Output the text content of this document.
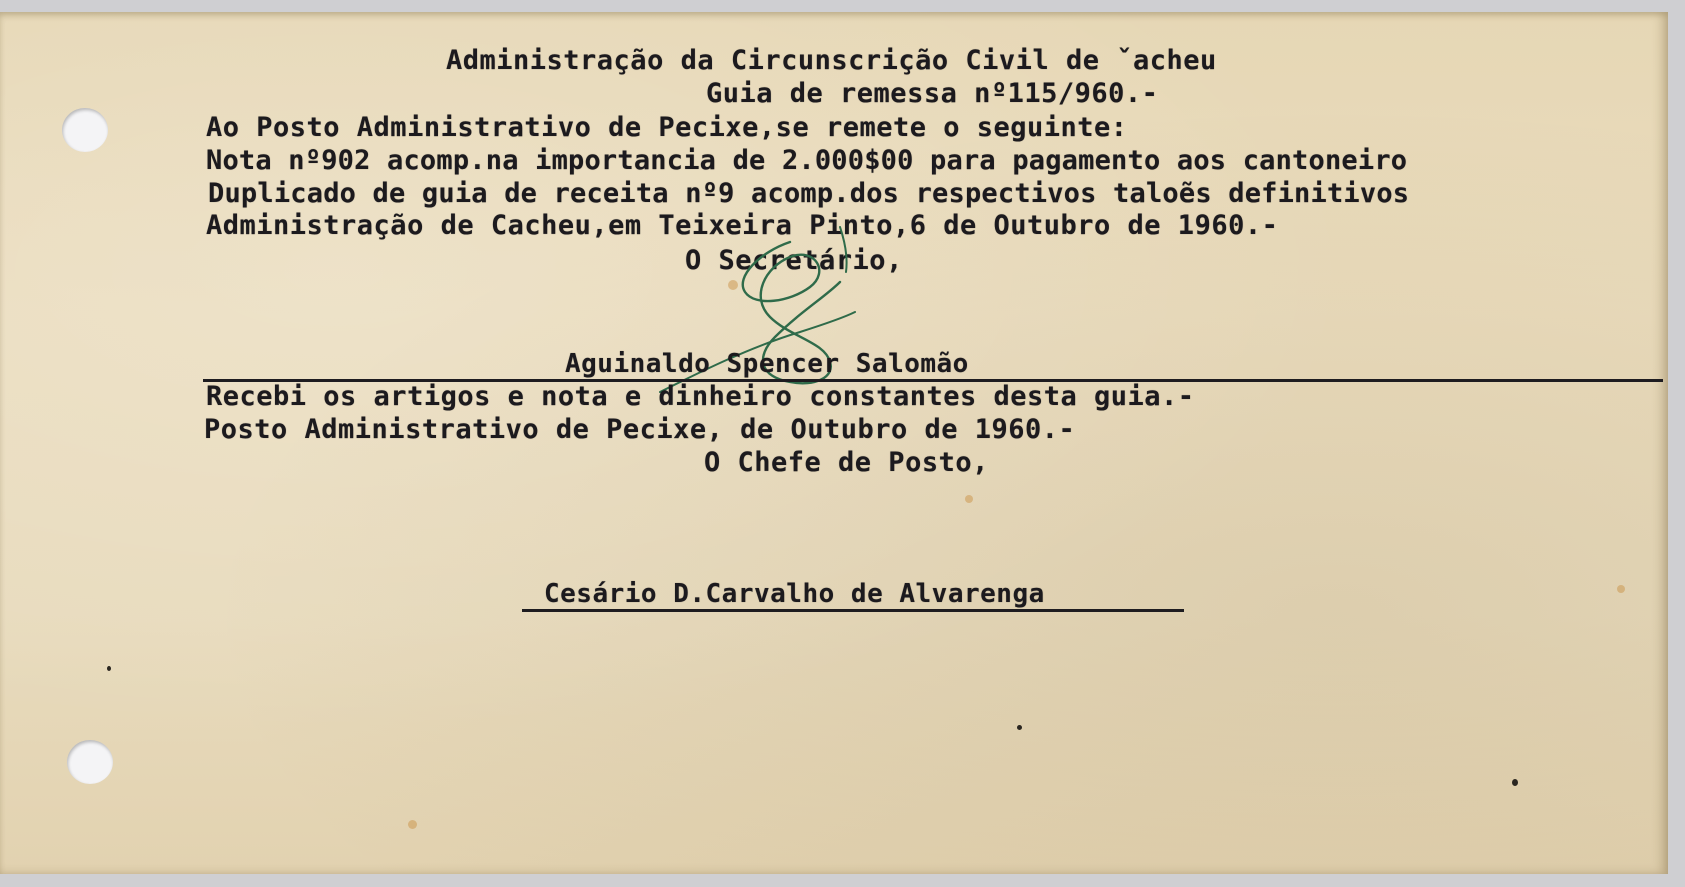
Administração da Circunscrição Civil de ˇacheu
Guia de remessa nº115/960.-
Ao Posto Administrativo de Pecixe,se remete o seguinte:
Nota nº902 acomp.na importancia de 2.000$00 para pagamento aos cantoneiro
Duplicado de guia de receita nº9 acomp.dos respectivos taloẽs definitivos
Administração de Cacheu,em Teixeira Pinto,6 de Outubro de 1960.-
O Secretário,
Aguinaldo Spencer Salomão
Recebi os artigos e nota e dinheiro constantes desta guia.-
Posto Administrativo de Pecixe, de Outubro de 1960.-
O Chefe de Posto,
Cesário D.Carvalho de Alvarenga
